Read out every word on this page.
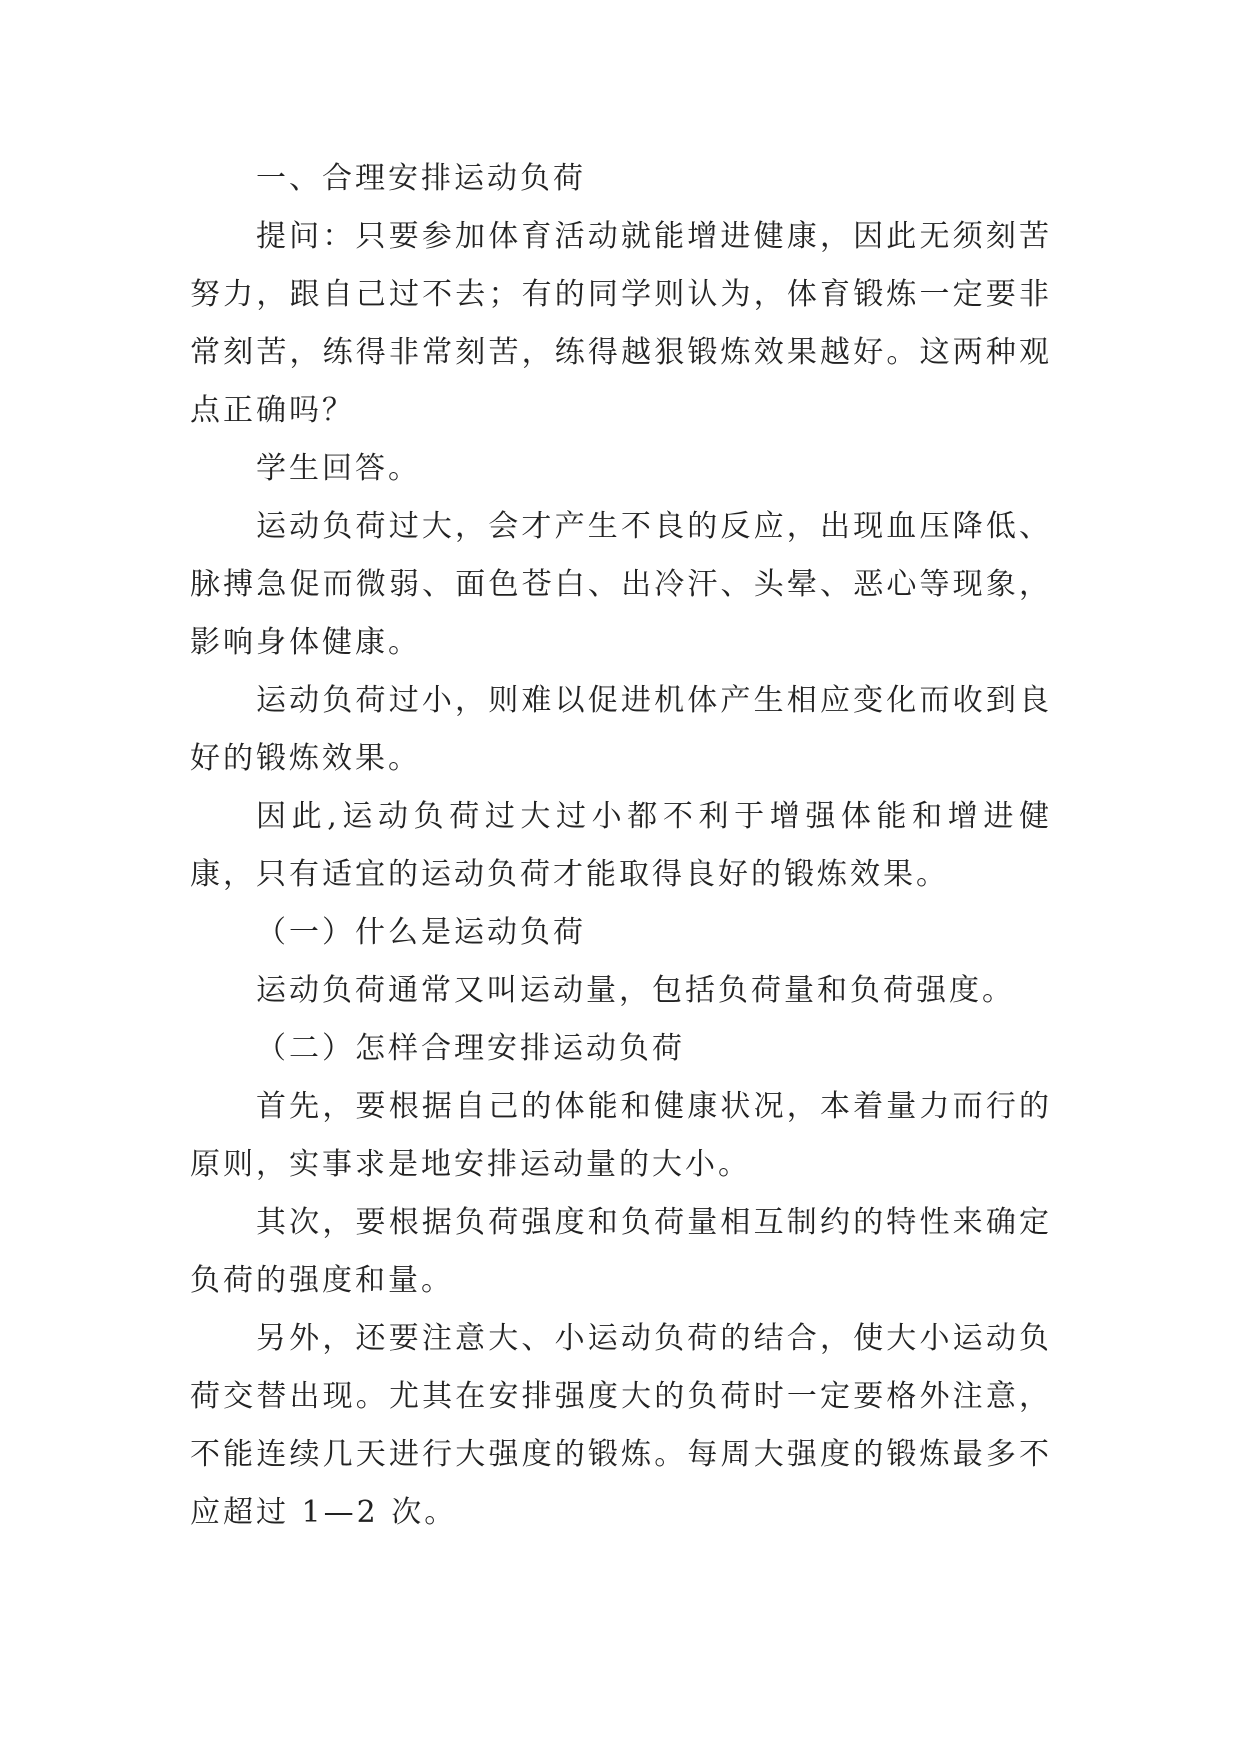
一、合理安排运动负荷

提问：只要参加体育活动就能增进健康，因此无须刻苦努力，跟自己过不去；有的同学则认为，体育锻炼一定要非常刻苦，练得非常刻苦，练得越狠锻炼效果越好。这两种观点正确吗？

学生回答。

运动负荷过大，会才产生不良的反应，出现血压降低、脉搏急促而微弱、面色苍白、出冷汗、头晕、恶心等现象，影响身体健康。

运动负荷过小，则难以促进机体产生相应变化而收到良好的锻炼效果。

因此,运动负荷过大过小都不利于增强体能和增进健康，只有适宜的运动负荷才能取得良好的锻炼效果。

（一）什么是运动负荷

运动负荷通常又叫运动量，包括负荷量和负荷强度。

（二）怎样合理安排运动负荷

首先，要根据自己的体能和健康状况，本着量力而行的原则，实事求是地安排运动量的大小。

其次，要根据负荷强度和负荷量相互制约的特性来确定负荷的强度和量。

另外，还要注意大、小运动负荷的结合，使大小运动负荷交替出现。尤其在安排强度大的负荷时一定要格外注意，不能连续几天进行大强度的锻炼。每周大强度的锻炼最多不应超过 1—2 次。
